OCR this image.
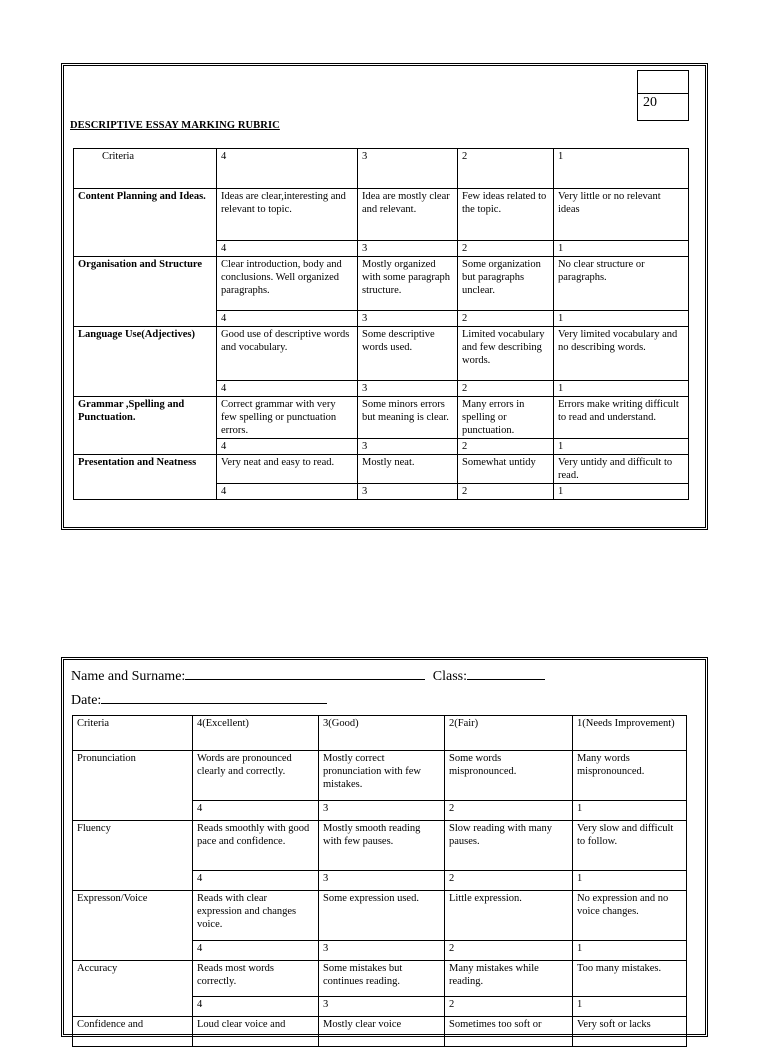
20
DESCRIPTIVE ESSAY MARKING RUBRIC
Criteria	4	3	2	1
Content Planning and Ideas.	Ideas are clear,interesting and relevant to topic.	Idea are mostly clear and relevant.	Few ideas related to the topic.	Very little or no relevant ideas
	4	3	2	1
Organisation and Structure	Clear introduction, body and conclusions. Well organized paragraphs.	Mostly organized with some paragraph structure.	Some organization but paragraphs unclear.	No clear structure or paragraphs.
	4	3	2	1
Language Use(Adjectives)	Good use of descriptive words and vocabulary.	Some descriptive words used.	Limited vocabulary and few describing words.	Very limited vocabulary and no describing words.
	4	3	2	1
Grammar ,Spelling and Punctuation.	Correct grammar with very few spelling or punctuation errors.	Some minors errors but meaning is clear.	Many errors in spelling or punctuation.	Errors make writing difficult to read and understand.
	4	3	2	1
Presentation and Neatness	Very neat and easy to read.	Mostly neat.	Somewhat untidy	Very untidy and difficult to read.
	4	3	2	1
Name and Surname:	Class:
Date:
Criteria	4(Excellent)	3(Good)	2(Fair)	1(Needs Improvement)
Pronunciation	Words are pronounced clearly and correctly.	Mostly correct pronunciation with few mistakes.	Some words mispronounced.	Many words mispronounced.
	4	3	2	1
Fluency	Reads smoothly with good pace and confidence.	Mostly smooth reading with few pauses.	Slow reading with many pauses.	Very slow and difficult to follow.
	4	3	2	1
Expresson/Voice	Reads with clear expression and changes voice.	Some expression used.	Little expression.	No expression and no voice changes.
	4	3	2	1
Accuracy	Reads most words correctly.	Some mistakes but continues reading.	Many mistakes while reading.	Too many mistakes.
	4	3	2	1
Confidence and	Loud clear voice and	Mostly clear voice	Sometimes too soft or	Very soft or lacks
